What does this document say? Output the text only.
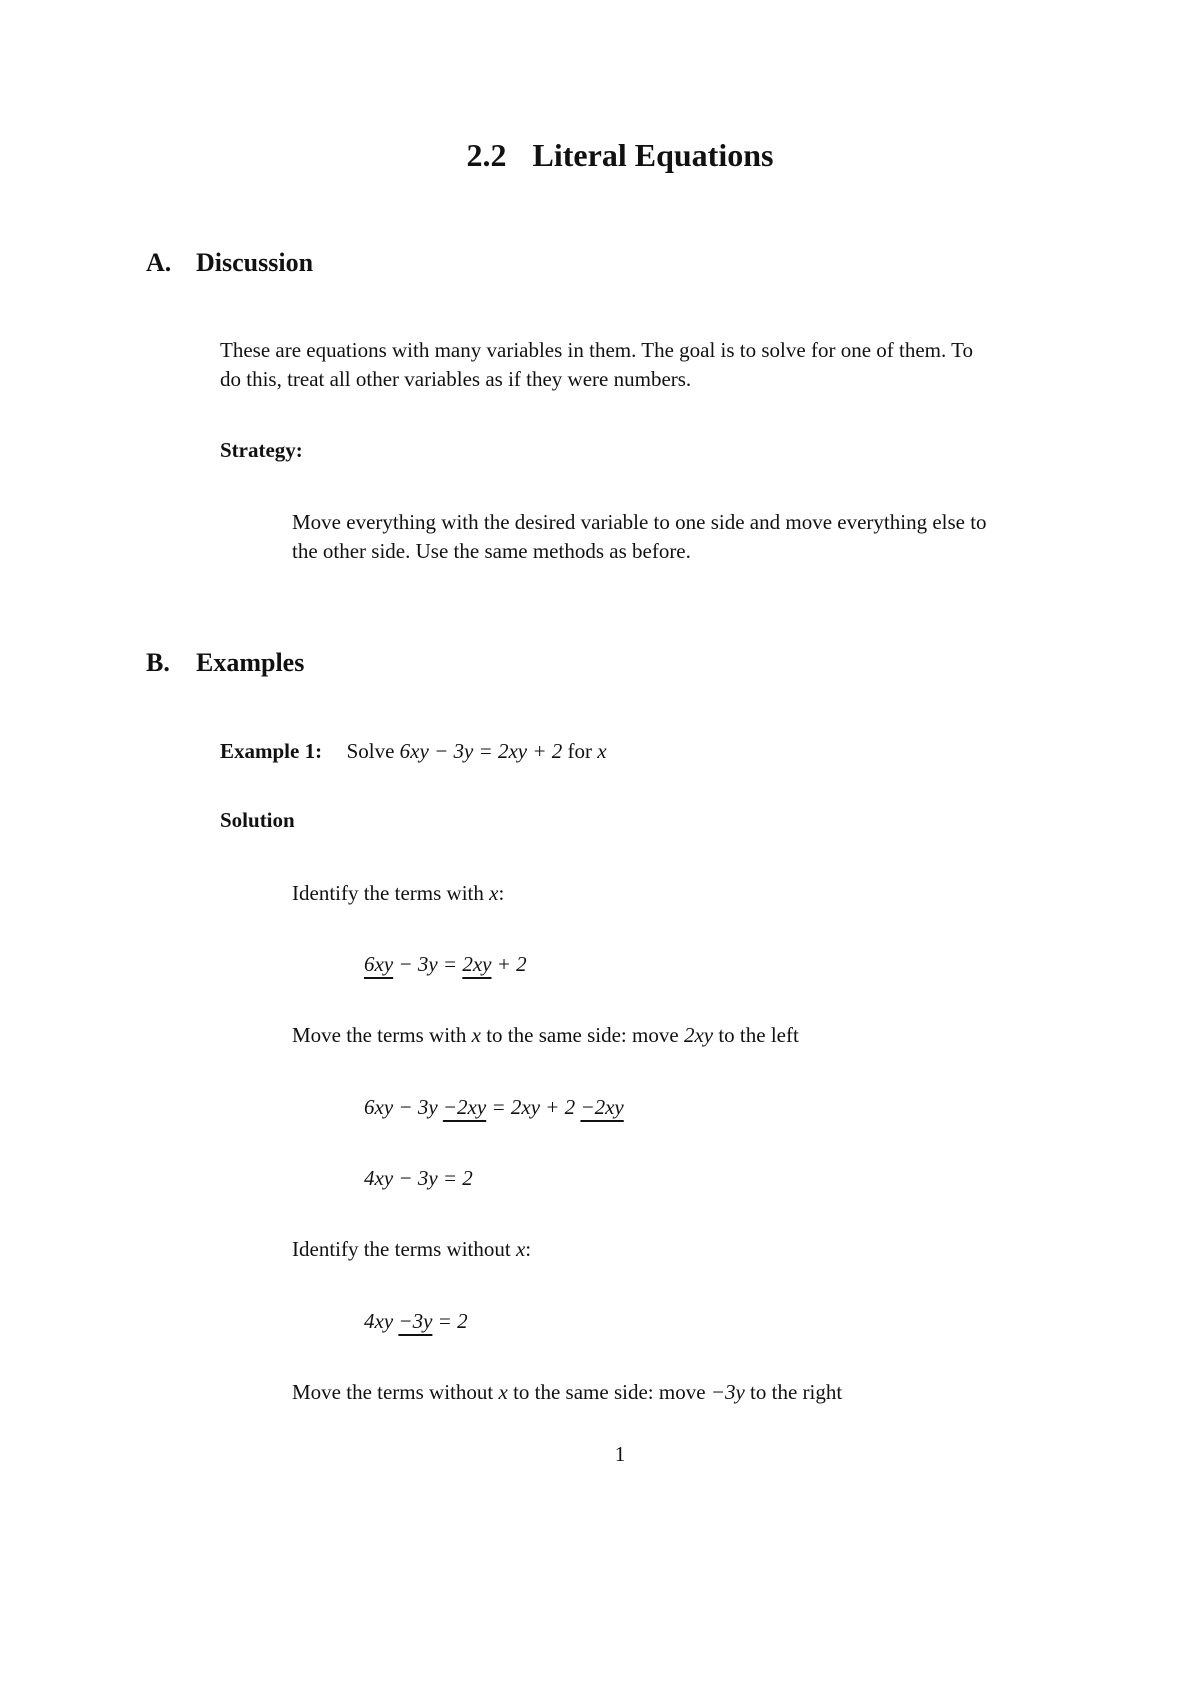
2.2 Literal Equations
A. Discussion
These are equations with many variables in them. The goal is to solve for one of them. To
do this, treat all other variables as if they were numbers.
Strategy:
Move everything with the desired variable to one side and move everything else to
the other side. Use the same methods as before.
B. Examples
Example 1: Solve 6xy − 3y = 2xy + 2 for x
Solution
Identify the terms with x:
6xy − 3y = 2xy + 2
Move the terms with x to the same side: move 2xy to the left
6xy − 3y −2xy = 2xy + 2 −2xy
4xy − 3y = 2
Identify the terms without x:
4xy −3y = 2
Move the terms without x to the same side: move −3y to the right
1
